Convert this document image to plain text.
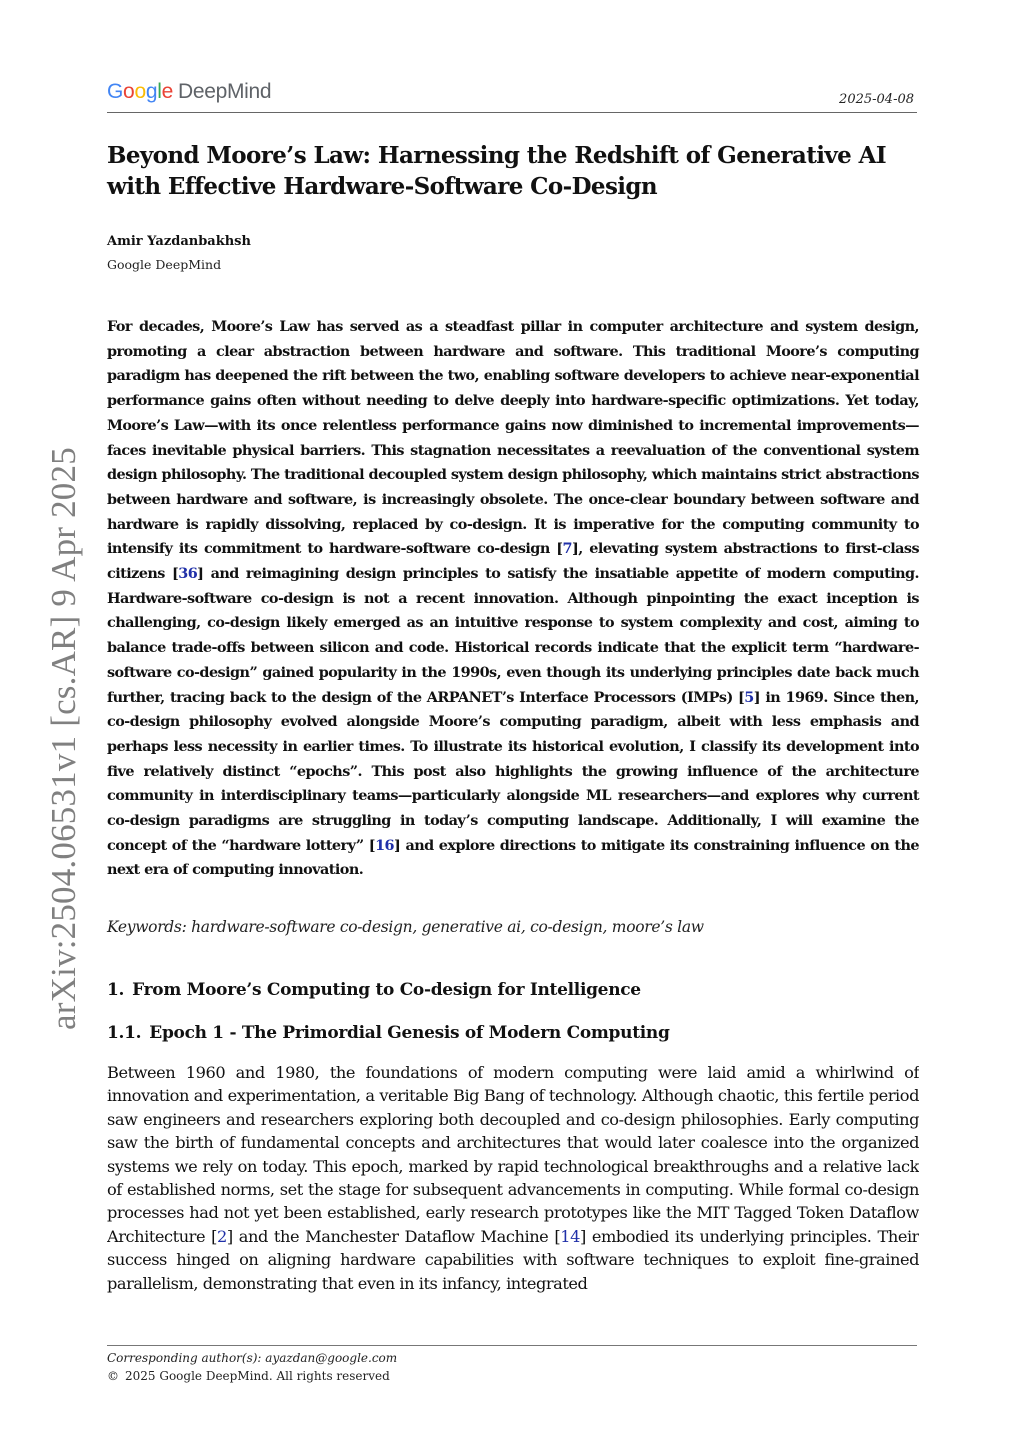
Google DeepMind	2025-04-08
Beyond Moore’s Law: Harnessing the Redshift of Generative AI with Effective Hardware-Software Co-Design
Amir Yazdanbakhsh
Google DeepMind

For decades, Moore’s Law has served as a steadfast pillar in computer architecture and system design, promoting a clear abstraction between hardware and software. This traditional Moore’s computing paradigm has deepened the rift between the two, enabling software developers to achieve near-exponential performance gains often without needing to delve deeply into hardware-specific optimizations. Yet today, Moore’s Law—with its once relentless performance gains now diminished to incremental improvements—faces inevitable physical barriers. This stagnation necessitates a reevaluation of the conventional system design philosophy. The traditional decoupled system design philosophy, which maintains strict abstractions between hardware and software, is increasingly obsolete. The once-clear boundary between software and hardware is rapidly dissolving, replaced by co-design. It is imperative for the computing community to intensify its commitment to hardware-software co-design [7], elevating system abstractions to first-class citizens [36] and reimagining design principles to satisfy the insatiable appetite of modern computing. Hardware-software co-design is not a recent innovation. Although pinpointing the exact inception is challenging, co-design likely emerged as an intuitive response to system complexity and cost, aiming to balance trade-offs between silicon and code. Historical records indicate that the explicit term “hardware-software co-design” gained popularity in the 1990s, even though its underlying principles date back much further, tracing back to the design of the ARPANET’s Interface Processors (IMPs) [5] in 1969. Since then, co-design philosophy evolved alongside Moore’s computing paradigm, albeit with less emphasis and perhaps less necessity in earlier times. To illustrate its historical evolution, I classify its development into five relatively distinct “epochs”. This post also highlights the growing influence of the architecture community in interdisciplinary teams—particularly alongside ML researchers—and explores why current co-design paradigms are struggling in today’s computing landscape. Additionally, I will examine the concept of the “hardware lottery” [16] and explore directions to mitigate its constraining influence on the next era of computing innovation.

Keywords: hardware-software co-design, generative ai, co-design, moore’s law
1. From Moore’s Computing to Co-design for Intelligence
1.1. Epoch 1 - The Primordial Genesis of Modern Computing

Between 1960 and 1980, the foundations of modern computing were laid amid a whirlwind of innovation and experimentation, a veritable Big Bang of technology. Although chaotic, this fertile period saw engineers and researchers exploring both decoupled and co-design philosophies. Early computing saw the birth of fundamental concepts and architectures that would later coalesce into the organized systems we rely on today. This epoch, marked by rapid technological breakthroughs and a relative lack of established norms, set the stage for subsequent advancements in computing. While formal co-design processes had not yet been established, early research prototypes like the MIT Tagged Token Dataflow Architecture [2] and the Manchester Dataflow Machine [14] embodied its underlying principles. Their success hinged on aligning hardware capabilities with software techniques to exploit fine-grained parallelism, demonstrating that even in its infancy, integrated

Corresponding author(s): ayazdan@google.com
© 2025 Google DeepMind. All rights reserved
arXiv:2504.06531v1 [cs.AR] 9 Apr 2025
